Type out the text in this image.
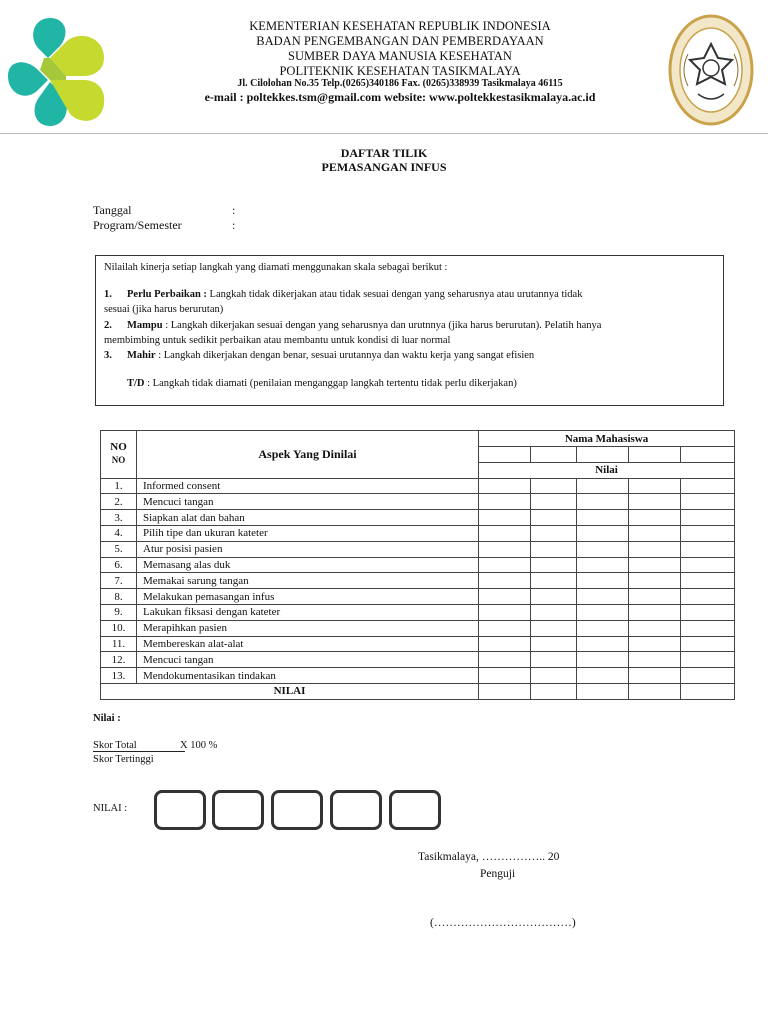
KEMENTERIAN KESEHATAN REPUBLIK INDONESIA
BADAN PENGEMBANGAN DAN PEMBERDAYAAN
SUMBER DAYA MANUSIA KESEHATAN
POLITEKNIK KESEHATAN TASIKMALAYA
Jl. Cilolohan No.35 Telp.(0265)340186 Fax. (0265)338939 Tasikmalaya 46115
e-mail : poltekkes.tsm@gmail.com website: www.poltekkestasikmalaya.ac.id
DAFTAR TILIK
PEMASANGAN INFUS
Tanggal	:
Program/Semester	:
Nilailah kinerja setiap langkah yang diamati menggunakan skala sebagai berikut :
1. Perlu Perbaikan : Langkah tidak dikerjakan atau tidak sesuai dengan yang seharusnya atau urutannya tidak
sesuai (jika harus berurutan)
2. Mampu : Langkah dikerjakan sesuai dengan yang seharusnya dan urutnnya (jika harus berurutan). Pelatih hanya
membimbing untuk sedikit perbaikan atau membantu untuk kondisi di luar normal
3. Mahir : Langkah dikerjakan dengan benar, sesuai urutannya dan waktu kerja yang sangat efisien
T/D : Langkah tidak diamati (penilaian menganggap langkah tertentu tidak perlu dikerjakan)
NO
NO	Aspek Yang Dinilai	Nama Mahasiswa				

		Nilai				
1.	Informed consent					
2.	Mencuci tangan					
3.	Siapkan alat dan bahan					
4.	Pilih tipe dan ukuran kateter					
5.	Atur posisi pasien					
6.	Memasang alas duk					
7.	Memakai sarung tangan					
8.	Melakukan pemasangan infus					
9.	Lakukan fiksasi dengan kateter					
10.	Merapihkan pasien					
11.	Membereskan alat-alat					
12.	Mencuci tangan					
13.	Mendokumentasikan tindakan					
NILAI						
Nilai :
Skor Total	X 100 %
Skor Tertinggi
NILAI :
Tasikmalaya, …………….. 20
Penguji
(………………………………)
